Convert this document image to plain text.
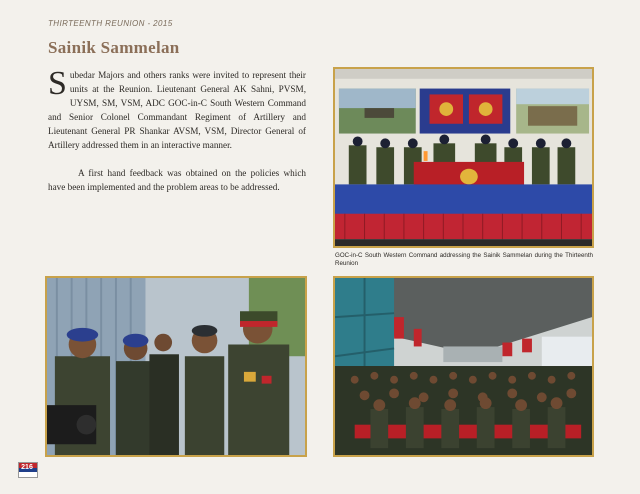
THIRTEENTH REUNION - 2015
Sainik Sammelan

Subedar Majors and others ranks were invited to represent their units at the Reunion. Lieutenant General AK Sahni, PVSM, UYSM, SM, VSM, ADC GOC-in-C South Western Command and Senior Colonel Commandant Regiment of Artillery and Lieutenant General PR Shankar AVSM, VSM, Director General of Artillery addressed them in an interactive manner.

A first hand feedback was obtained on the policies which have been implemented and the problem areas to be addressed.

GOC-in-C South Western Command addressing the Sainik Sammelan during the Thirteenth Reunion
216
